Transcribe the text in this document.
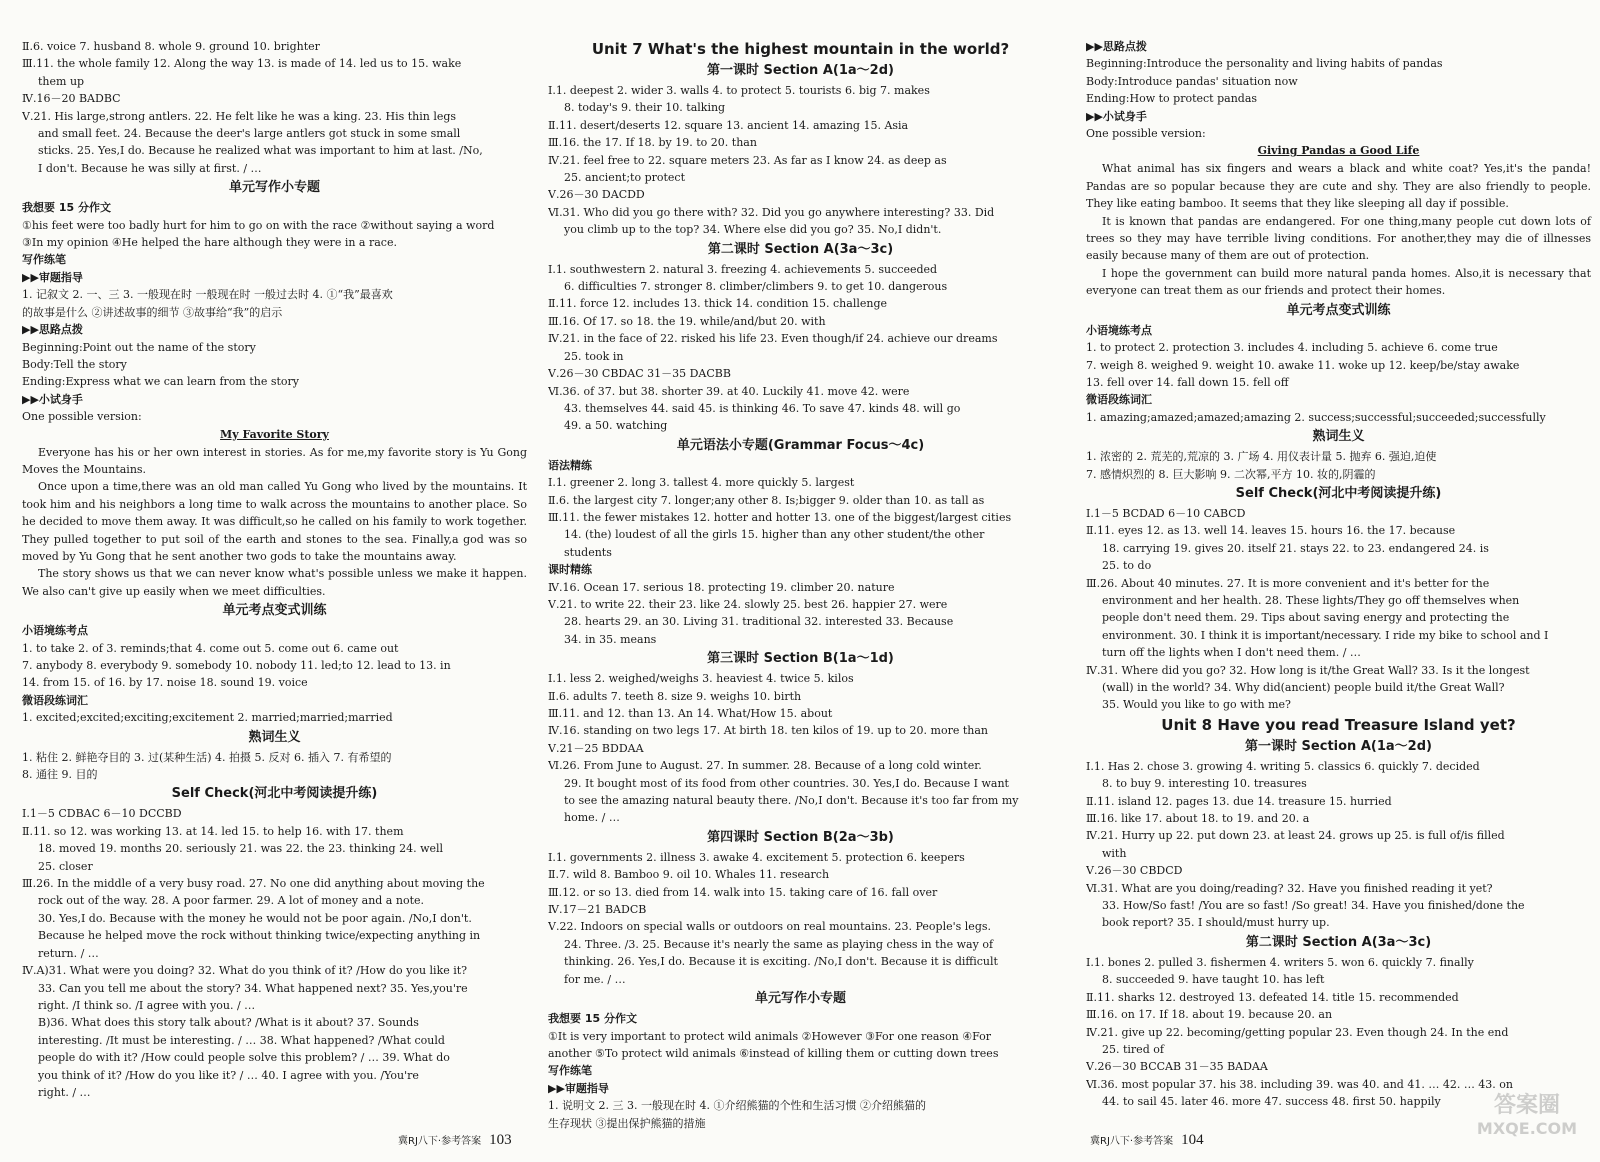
Ⅱ.6. voice 7. husband 8. whole 9. ground 10. brighter
Ⅲ.11. the whole family 12. Along the way 13. is made of 14. led us to 15. wake
them up
Ⅳ.16－20 BADBC
Ⅴ.21. His large,strong antlers. 22. He felt like he was a king. 23. His thin legs
and small feet. 24. Because the deer's large antlers got stuck in some small
sticks. 25. Yes,I do. Because he realized what was important to him at last. /No,
I don't. Because he was silly at first. / …
单元写作小专题
我想要 15 分作文
①his feet were too badly hurt for him to go on with the race ②without saying a word
③In my opinion ④He helped the hare although they were in a race.
写作练笔
▶▶审题指导
1. 记叙文 2. 一、三 3. 一般现在时 一般现在时 一般过去时 4. ①“我”最喜欢
的故事是什么 ②讲述故事的细节 ③故事给“我”的启示
▶▶思路点拨
Beginning:Point out the name of the story
Body:Tell the story
Ending:Express what we can learn from the story
▶▶小试身手
One possible version:
My Favorite Story
Everyone has his or her own interest in stories. As for me,my favorite story is Yu Gong Moves the Mountains.
Once upon a time,there was an old man called Yu Gong who lived by the mountains. It took him and his neighbors a long time to walk across the mountains to another place. So he decided to move them away. It was difficult,so he called on his family to work together. They pulled together to put soil of the earth and stones to the sea. Finally,a god was so moved by Yu Gong that he sent another two gods to take the mountains away.
The story shows us that we can never know what's possible unless we make it happen. We also can't give up easily when we meet difficulties.
单元考点变式训练
小语境练考点
1. to take 2. of 3. reminds;that 4. come out 5. come out 6. came out
7. anybody 8. everybody 9. somebody 10. nobody 11. led;to 12. lead to 13. in
14. from 15. of 16. by 17. noise 18. sound 19. voice
微语段练词汇
1. excited;excited;exciting;excitement 2. married;married;married
熟词生义
1. 粘住 2. 鲜艳夺目的 3. 过(某种生活) 4. 拍摄 5. 反对 6. 插入 7. 有希望的
8. 通往 9. 目的
Self Check(河北中考阅读提升练)
Ⅰ.1－5 CDBAC 6－10 DCCBD
Ⅱ.11. so 12. was working 13. at 14. led 15. to help 16. with 17. them
18. moved 19. months 20. seriously 21. was 22. the 23. thinking 24. well
25. closer
Ⅲ.26. In the middle of a very busy road. 27. No one did anything about moving the
rock out of the way. 28. A poor farmer. 29. A lot of money and a note.
30. Yes,I do. Because with the money he would not be poor again. /No,I don't.
Because he helped move the rock without thinking twice/expecting anything in
return. / …
Ⅳ.A)31. What were you doing? 32. What do you think of it? /How do you like it?
33. Can you tell me about the story? 34. What happened next? 35. Yes,you're
right. /I think so. /I agree with you. / …
B)36. What does this story talk about? /What is it about? 37. Sounds
interesting. /It must be interesting. / … 38. What happened? /What could
people do with it? /How could people solve this problem? / … 39. What do
you think of it? /How do you like it? / … 40. I agree with you. /You're
right. / …
Unit 7 What's the highest mountain in the world?
第一课时 Section A(1a～2d)
Ⅰ.1. deepest 2. wider 3. walls 4. to protect 5. tourists 6. big 7. makes
8. today's 9. their 10. talking
Ⅱ.11. desert/deserts 12. square 13. ancient 14. amazing 15. Asia
Ⅲ.16. the 17. If 18. by 19. to 20. than
Ⅳ.21. feel free to 22. square meters 23. As far as I know 24. as deep as
25. ancient;to protect
Ⅴ.26－30 DACDD
Ⅵ.31. Who did you go there with? 32. Did you go anywhere interesting? 33. Did
you climb up to the top? 34. Where else did you go? 35. No,I didn't.
第二课时 Section A(3a～3c)
Ⅰ.1. southwestern 2. natural 3. freezing 4. achievements 5. succeeded
6. difficulties 7. stronger 8. climber/climbers 9. to get 10. dangerous
Ⅱ.11. force 12. includes 13. thick 14. condition 15. challenge
Ⅲ.16. Of 17. so 18. the 19. while/and/but 20. with
Ⅳ.21. in the face of 22. risked his life 23. Even though/if 24. achieve our dreams
25. took in
Ⅴ.26－30 CBDAC 31－35 DACBB
Ⅵ.36. of 37. but 38. shorter 39. at 40. Luckily 41. move 42. were
43. themselves 44. said 45. is thinking 46. To save 47. kinds 48. will go
49. a 50. watching
单元语法小专题(Grammar Focus～4c)
语法精练
Ⅰ.1. greener 2. long 3. tallest 4. more quickly 5. largest
Ⅱ.6. the largest city 7. longer;any other 8. Is;bigger 9. older than 10. as tall as
Ⅲ.11. the fewer mistakes 12. hotter and hotter 13. one of the biggest/largest cities
14. (the) loudest of all the girls 15. higher than any other student/the other
students
课时精练
Ⅳ.16. Ocean 17. serious 18. protecting 19. climber 20. nature
Ⅴ.21. to write 22. their 23. like 24. slowly 25. best 26. happier 27. were
28. hearts 29. an 30. Living 31. traditional 32. interested 33. Because
34. in 35. means
第三课时 Section B(1a～1d)
Ⅰ.1. less 2. weighed/weighs 3. heaviest 4. twice 5. kilos
Ⅱ.6. adults 7. teeth 8. size 9. weighs 10. birth
Ⅲ.11. and 12. than 13. An 14. What/How 15. about
Ⅳ.16. standing on two legs 17. At birth 18. ten kilos of 19. up to 20. more than
Ⅴ.21－25 BDDAA
Ⅵ.26. From June to August. 27. In summer. 28. Because of a long cold winter.
29. It bought most of its food from other countries. 30. Yes,I do. Because I want
to see the amazing natural beauty there. /No,I don't. Because it's too far from my
home. / …
第四课时 Section B(2a～3b)
Ⅰ.1. governments 2. illness 3. awake 4. excitement 5. protection 6. keepers
Ⅱ.7. wild 8. Bamboo 9. oil 10. Whales 11. research
Ⅲ.12. or so 13. died from 14. walk into 15. taking care of 16. fall over
Ⅳ.17－21 BADCB
Ⅴ.22. Indoors on special walls or outdoors on real mountains. 23. People's legs.
24. Three. /3. 25. Because it's nearly the same as playing chess in the way of
thinking. 26. Yes,I do. Because it is exciting. /No,I don't. Because it is difficult
for me. / …
单元写作小专题
我想要 15 分作文
①It is very important to protect wild animals ②However ③For one reason ④For
another ⑤To protect wild animals ⑥instead of killing them or cutting down trees
写作练笔
▶▶审题指导
1. 说明文 2. 三 3. 一般现在时 4. ①介绍熊猫的个性和生活习惯 ②介绍熊猫的
生存现状 ③提出保护熊猫的措施
▶▶思路点拨
Beginning:Introduce the personality and living habits of pandas
Body:Introduce pandas' situation now
Ending:How to protect pandas
▶▶小试身手
One possible version:
Giving Pandas a Good Life
What animal has six fingers and wears a black and white coat? Yes,it's the panda! Pandas are so popular because they are cute and shy. They are also friendly to people. They like eating bamboo. It seems that they like sleeping all day if possible.
It is known that pandas are endangered. For one thing,many people cut down lots of trees so they may have terrible living conditions. For another,they may die of illnesses easily because many of them are out of protection.
I hope the government can build more natural panda homes. Also,it is necessary that everyone can treat them as our friends and protect their homes.
单元考点变式训练
小语境练考点
1. to protect 2. protection 3. includes 4. including 5. achieve 6. come true
7. weigh 8. weighed 9. weight 10. awake 11. woke up 12. keep/be/stay awake
13. fell over 14. fall down 15. fell off
微语段练词汇
1. amazing;amazed;amazed;amazing 2. success;successful;succeeded;successfully
熟词生义
1. 浓密的 2. 荒芜的,荒凉的 3. 广场 4. 用仪表计量 5. 抛弃 6. 强迫,迫使
7. 感情炽烈的 8. 巨大影响 9. 二次幂,平方 10. 妆的,阴霾的
Self Check(河北中考阅读提升练)
Ⅰ.1－5 BCDAD 6－10 CABCD
Ⅱ.11. eyes 12. as 13. well 14. leaves 15. hours 16. the 17. because
18. carrying 19. gives 20. itself 21. stays 22. to 23. endangered 24. is
25. to do
Ⅲ.26. About 40 minutes. 27. It is more convenient and it's better for the
environment and her health. 28. These lights/They go off themselves when
people don't need them. 29. Tips about saving energy and protecting the
environment. 30. I think it is important/necessary. I ride my bike to school and I
turn off the lights when I don't need them. / …
Ⅳ.31. Where did you go? 32. How long is it/the Great Wall? 33. Is it the longest
(wall) in the world? 34. Why did(ancient) people build it/the Great Wall?
35. Would you like to go with me?
Unit 8 Have you read Treasure Island yet?
第一课时 Section A(1a～2d)
Ⅰ.1. Has 2. chose 3. growing 4. writing 5. classics 6. quickly 7. decided
8. to buy 9. interesting 10. treasures
Ⅱ.11. island 12. pages 13. due 14. treasure 15. hurried
Ⅲ.16. like 17. about 18. to 19. and 20. a
Ⅳ.21. Hurry up 22. put down 23. at least 24. grows up 25. is full of/is filled
with
Ⅴ.26－30 CBDCD
Ⅵ.31. What are you doing/reading? 32. Have you finished reading it yet?
33. How/So fast! /You are so fast! /So great! 34. Have you finished/done the
book report? 35. I should/must hurry up.
第二课时 Section A(3a～3c)
Ⅰ.1. bones 2. pulled 3. fishermen 4. writers 5. won 6. quickly 7. finally
8. succeeded 9. have taught 10. has left
Ⅱ.11. sharks 12. destroyed 13. defeated 14. title 15. recommended
Ⅲ.16. on 17. If 18. about 19. because 20. an
Ⅳ.21. give up 22. becoming/getting popular 23. Even though 24. In the end
25. tired of
Ⅴ.26－30 BCCAB 31－35 BADAA
Ⅵ.36. most popular 37. his 38. including 39. was 40. and 41. … 42. … 43. on
44. to sail 45. later 46. more 47. success 48. first 50. happily
冀RJ八下·参考答案 103	冀RJ八下·参考答案 104
答案圈
MXQE.COM
